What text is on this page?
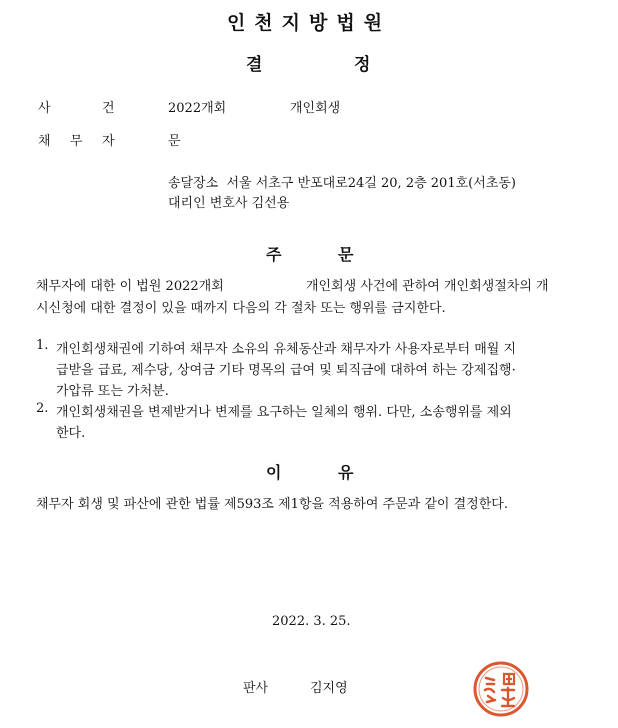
인천지방법원
결	정
사	건	2022개회	개인회생
채 무 자	문
송달장소  서울 서초구 반포대로24길 20, 2층 201호(서초동)
대리인 변호사 김선용
주	문
채무자에 대한 이 법원 2022개회	개인회생 사건에 관하여 개인회생절차의 개
시신청에 대한 결정이 있을 때까지 다음의 각 절차 또는 행위를 금지한다.
1. 개인회생채권에 기하여 채무자 소유의 유체동산과 채무자가 사용자로부터 매월 지
급받을 급료, 제수당, 상여금 기타 명목의 급여 및 퇴직금에 대하여 하는 강제집행·
가압류 또는 가처분.
2. 개인회생채권을 변제받거나 변제를 요구하는 일체의 행위. 다만, 소송행위를 제외
한다.
이	유
채무자 회생 및 파산에 관한 법률 제593조 제1항을 적용하여 주문과 같이 결정한다.
2022. 3. 25.
판사	김지영
